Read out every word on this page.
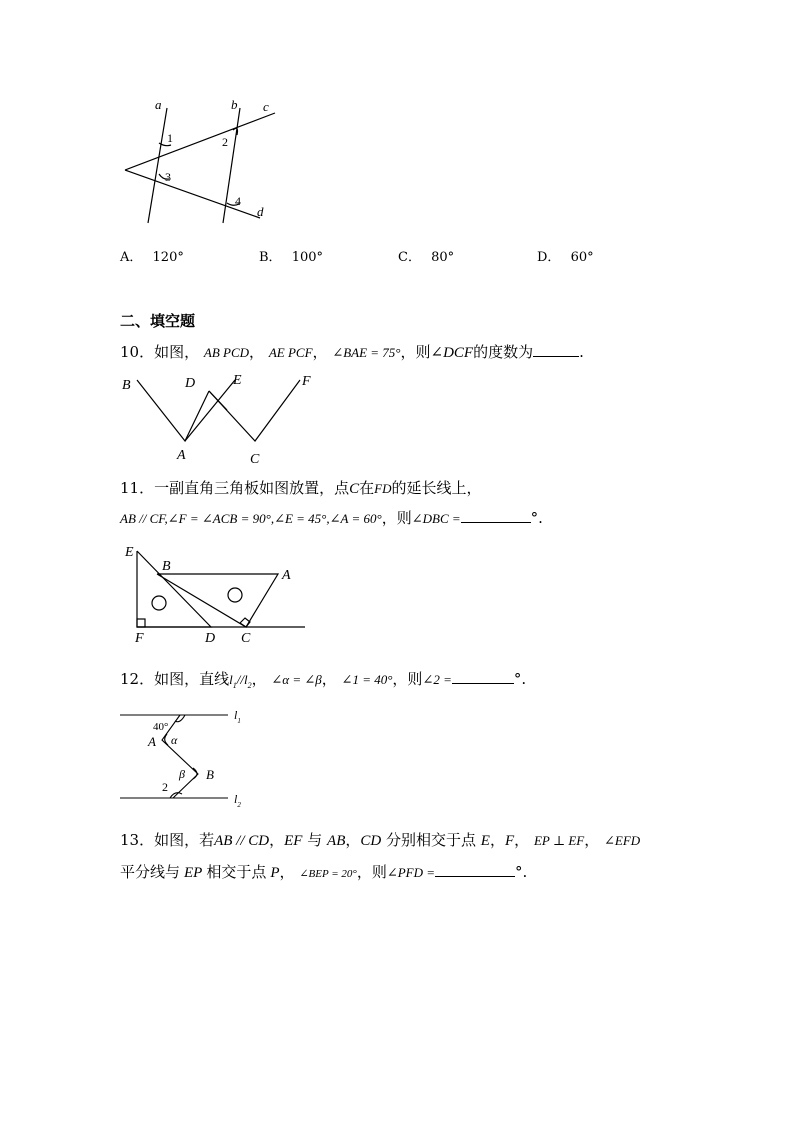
a	b c
d
1	2
3
4
A． 120°	B． 100°	C． 80°	D． 60°
二、填空题
10．如图， AB PCD， AE PCF， ∠BAE = 75°，则∠DCF的度数为	.
B	D	E	F
A	C
11．一副直角三角板如图放置，点C在FD的延长线上，
AB // CF,∠F = ∠ACB = 90°,∠E = 45°,∠A = 60°，则∠DBC =	°.
E
B
A
F	D C
12．如图，直线$l_1//l_2$， ∠α = ∠β， ∠1 = 40°，则∠2 =	°.
40°
A α
β B
2
$l_1$
$l_2$
13．如图，若AB // CD，EF 与 AB，CD 分别相交于点 E，F， EP ⊥ EF， ∠EFD
平分线与 EP 相交于点 P， ∠BEP = 20°，则∠PFD =	°.
